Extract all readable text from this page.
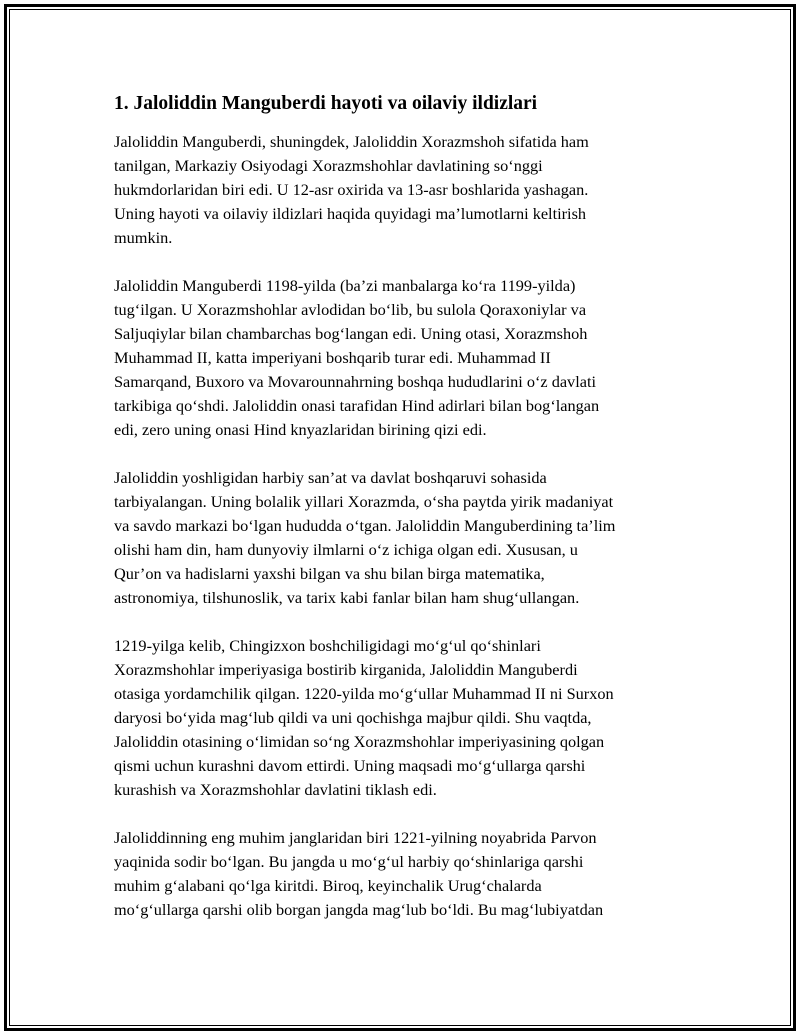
1. Jaloliddin Manguberdi hayoti va oilaviy ildizlari

Jaloliddin Manguberdi, shuningdek, Jaloliddin Xorazmshoh sifatida ham
tanilgan, Markaziy Osiyodagi Xorazmshohlar davlatining so‘nggi
hukmdorlaridan biri edi. U 12-asr oxirida va 13-asr boshlarida yashagan.
Uning hayoti va oilaviy ildizlari haqida quyidagi ma’lumotlarni keltirish
mumkin.

Jaloliddin Manguberdi 1198-yilda (ba’zi manbalarga ko‘ra 1199-yilda)
tug‘ilgan. U Xorazmshohlar avlodidan bo‘lib, bu sulola Qoraxoniylar va
Saljuqiylar bilan chambarchas bog‘langan edi. Uning otasi, Xorazmshoh
Muhammad II, katta imperiyani boshqarib turar edi. Muhammad II
Samarqand, Buxoro va Movarounnahrning boshqa hududlarini o‘z davlati
tarkibiga qo‘shdi. Jaloliddin onasi tarafidan Hind adirlari bilan bog‘langan
edi, zero uning onasi Hind knyazlaridan birining qizi edi.

Jaloliddin yoshligidan harbiy san’at va davlat boshqaruvi sohasida
tarbiyalangan. Uning bolalik yillari Xorazmda, o‘sha paytda yirik madaniyat
va savdo markazi bo‘lgan hududda o‘tgan. Jaloliddin Manguberdining ta’lim
olishi ham din, ham dunyoviy ilmlarni o‘z ichiga olgan edi. Xususan, u
Qur’on va hadislarni yaxshi bilgan va shu bilan birga matematika,
astronomiya, tilshunoslik, va tarix kabi fanlar bilan ham shug‘ullangan.

1219-yilga kelib, Chingizxon boshchiligidagi mo‘g‘ul qo‘shinlari
Xorazmshohlar imperiyasiga bostirib kirganida, Jaloliddin Manguberdi
otasiga yordamchilik qilgan. 1220-yilda mo‘g‘ullar Muhammad II ni Surxon
daryosi bo‘yida mag‘lub qildi va uni qochishga majbur qildi. Shu vaqtda,
Jaloliddin otasining o‘limidan so‘ng Xorazmshohlar imperiyasining qolgan
qismi uchun kurashni davom ettirdi. Uning maqsadi mo‘g‘ullarga qarshi
kurashish va Xorazmshohlar davlatini tiklash edi.

Jaloliddinning eng muhim janglaridan biri 1221-yilning noyabrida Parvon
yaqinida sodir bo‘lgan. Bu jangda u mo‘g‘ul harbiy qo‘shinlariga qarshi
muhim g‘alabani qo‘lga kiritdi. Biroq, keyinchalik Urug‘chalarda
mo‘g‘ullarga qarshi olib borgan jangda mag‘lub bo‘ldi. Bu mag‘lubiyatdan
